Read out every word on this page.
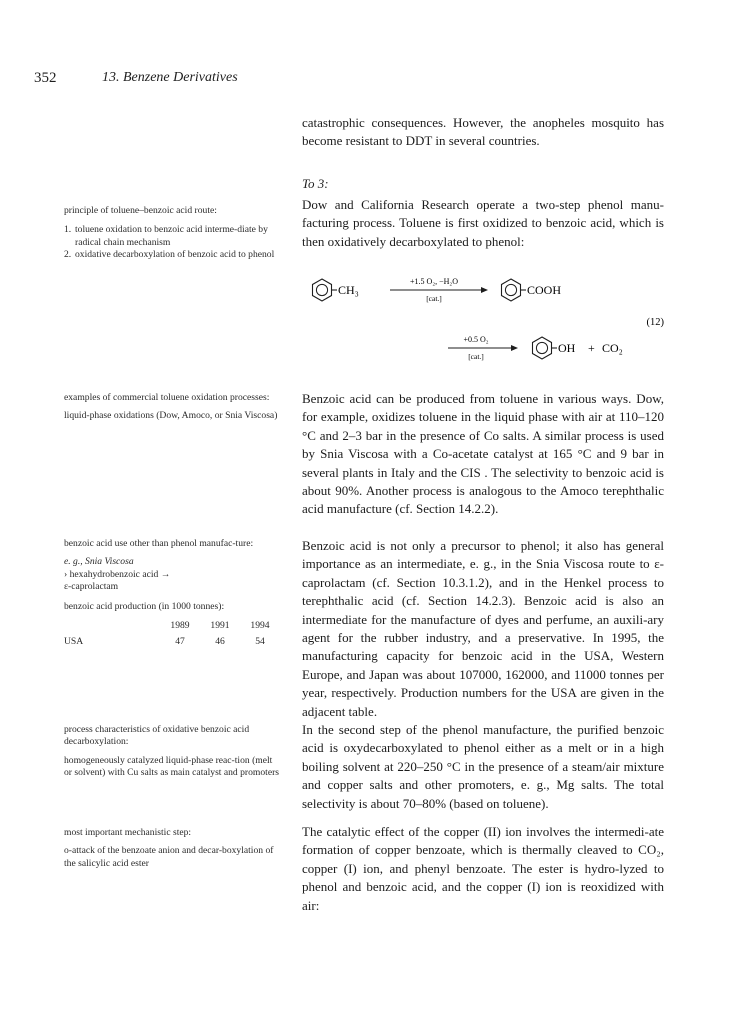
352	13. Benzene Derivatives

catastrophic consequences. However, the anopheles mosquito has become resistant to DDT in several countries.

To 3:

principle of toluene–benzoic acid route:

1. toluene oxidation to benzoic acid interme-diate by radical chain mechanism
2. oxidative decarboxylation of benzoic acid to phenol

Dow and California Research operate a two-step phenol manu-facturing process. Toluene is first oxidized to benzoic acid, which is then oxidatively decarboxylated to phenol:

CH₃
+1.5 O₂, −H₂O
[cat.]
COOH
(12)
+0.5 O₂
[cat.]
OH + CO₂

examples of commercial toluene oxidation processes:

liquid-phase oxidations (Dow, Amoco, or Snia Viscosa)

Benzoic acid can be produced from toluene in various ways. Dow, for example, oxidizes toluene in the liquid phase with air at 110–120 °C and 2–3 bar in the presence of Co salts. A similar process is used by Snia Viscosa with a Co-acetate catalyst at 165 °C and 9 bar in several plants in Italy and the CIS . The selectivity to benzoic acid is about 90%. Another process is analogous to the Amoco terephthalic acid manufacture (cf. Section 14.2.2).

benzoic acid use other than phenol manufac-ture:

e. g., Snia Viscosa

› hexahydrobenzoic acid →

ε-caprolactam

benzoic acid production (in 1000 tonnes):

	1989	1991	1994
USA	47	46	54

Benzoic acid is not only a precursor to phenol; it also has general importance as an intermediate, e. g., in the Snia Viscosa route to ε-caprolactam (cf. Section 10.3.1.2), and in the Henkel process to terephthalic acid (cf. Section 14.2.3). Benzoic acid is also an intermediate for the manufacture of dyes and perfume, an auxili-ary agent for the rubber industry, and a preservative. In 1995, the manufacturing capacity for benzoic acid in the USA, Western Europe, and Japan was about 107000, 162000, and 11000 tonnes per year, respectively. Production numbers for the USA are given in the adjacent table.

process characteristics of oxidative benzoic acid decarboxylation:

homogeneously catalyzed liquid-phase reac-tion (melt or solvent) with Cu salts as main catalyst and promoters

In the second step of the phenol manufacture, the purified benzoic acid is oxydecarboxylated to phenol either as a melt or in a high boiling solvent at 220–250 °C in the presence of a steam/air mixture and copper salts and other promoters, e. g., Mg salts. The total selectivity is about 70–80% (based on toluene).

most important mechanistic step:

o-attack of the benzoate anion and decar-boxylation of the salicylic acid ester

The catalytic effect of the copper (II) ion involves the intermedi-ate formation of copper benzoate, which is thermally cleaved to CO₂, copper (I) ion, and phenyl benzoate. The ester is hydro-lyzed to phenol and benzoic acid, and the copper (I) ion is reoxidized with air:
